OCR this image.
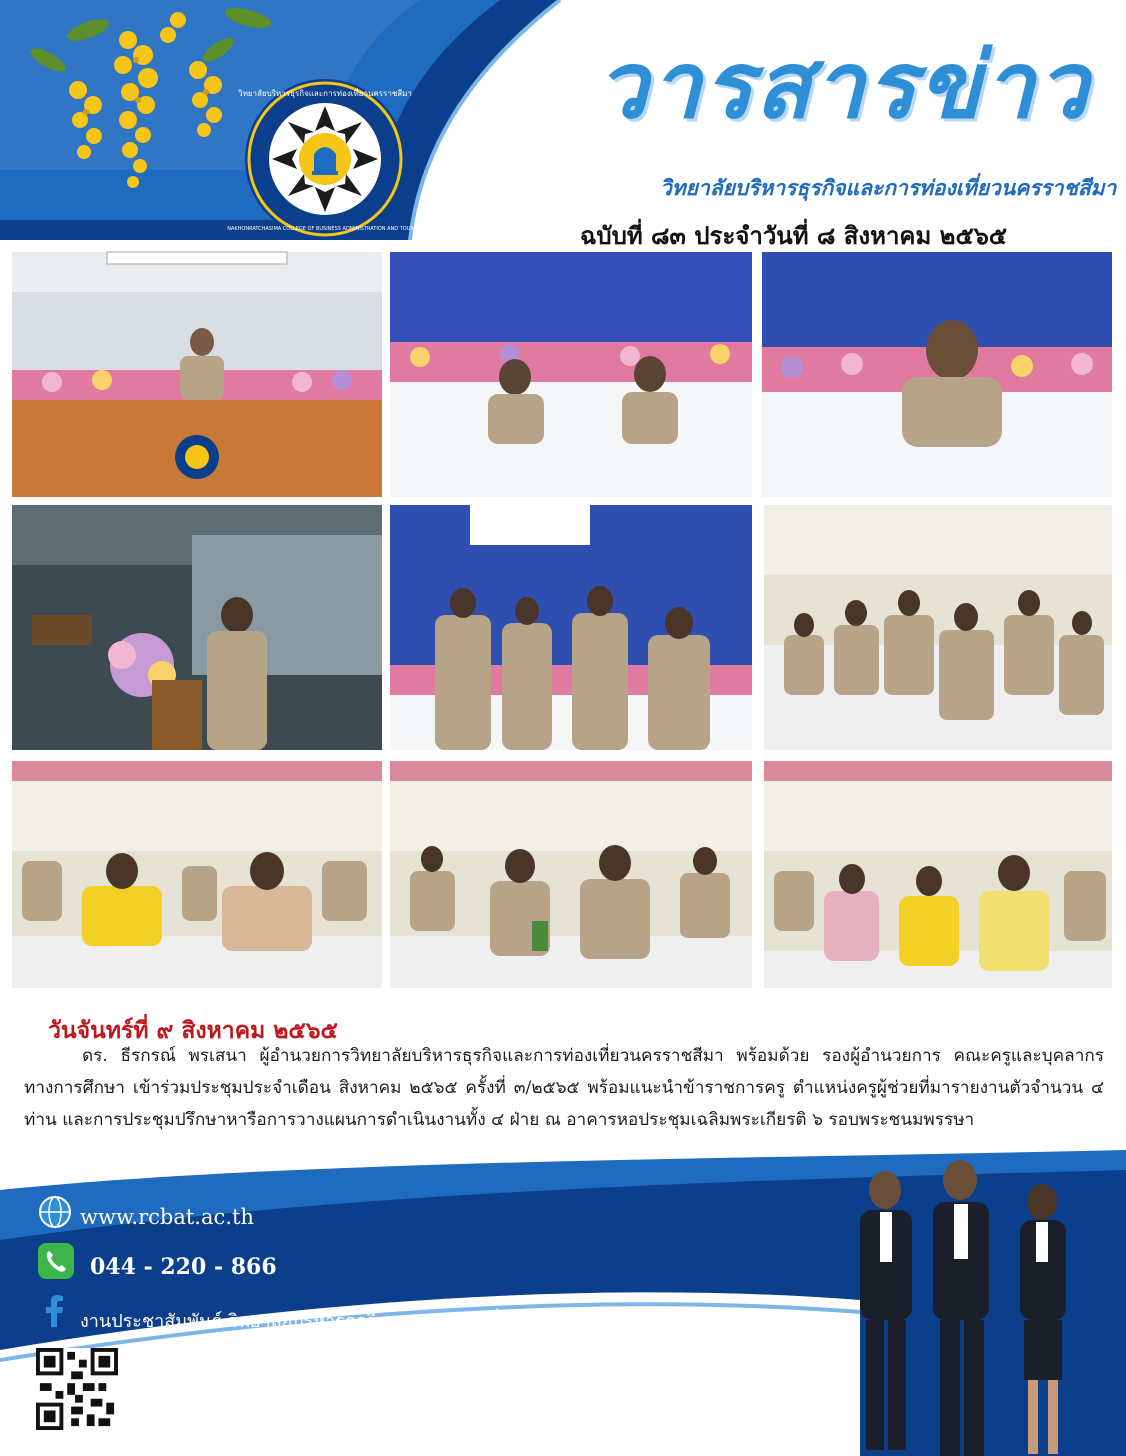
วิทยาลัยบริหารธุรกิจและการท่องเที่ยวนครราชสีมา
NAKHONRATCHASIMA COLLEGE OF BUSINESS ADMINISTRATION AND TOURISM
วารสารข่าว
วิทยาลัยบริหารธุรกิจและการท่องเที่ยวนครราชสีมา
ฉบับที่ ๘๓ ประจำวันที่ ๘ สิงหาคม ๒๕๖๕
วันจันทร์ที่ ๙ สิงหาคม ๒๕๖๕
ดร. ธีรกรณ์ พรเสนา ผู้อำนวยการวิทยาลัยบริหารธุรกิจและการท่องเที่ยวนครราชสีมา พร้อมด้วย รองผู้อำนวยการ คณะครูและบุคลากรทางการศึกษา เข้าร่วมประชุมประจำเดือน สิงหาคม ๒๕๖๕ ครั้งที่ ๓/๒๕๖๕ พร้อมแนะนำข้าราชการครู ตำแหน่งครูผู้ช่วยที่มารายงานตัวจำนวน ๔ ท่าน และการประชุมปรึกษาหารือการวางแผนการดำเนินงานทั้ง ๔ ฝ่าย ณ อาคารหอประชุมเฉลิมพระเกียรติ ๖ รอบพระชนมพรรษา
www.rcbat.ac.th
044 - 220 - 866
งานประชาสัมพันธ์ วิทยาลัยบริหารธุรกิจและการท่องเที่ยวนครราชสีมา
197 หมู่ 2 ถนนเพชรมาตุคลา ตำบลมะเริง
อำเภอเมืองนครราชสีมา จังหวัดนครราชสีมา 30000
